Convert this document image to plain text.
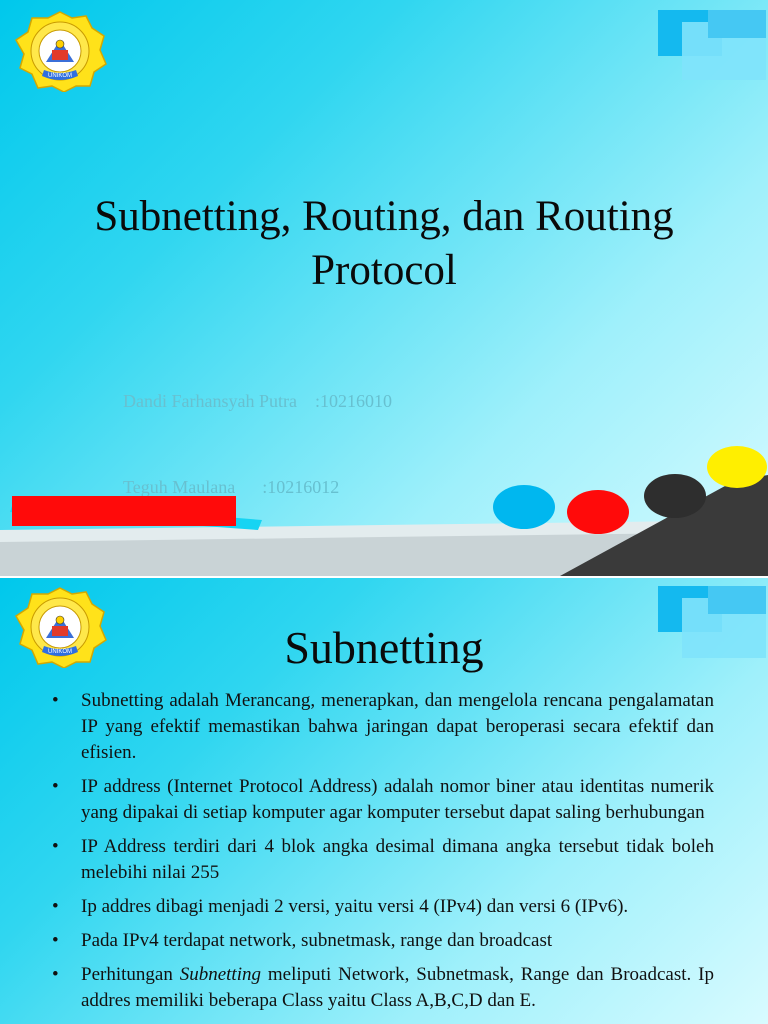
UNIKOM
Subnetting, Routing, dan Routing
Protocol

Dandi Farhansyah Putra    :10216010

Teguh Maulana      :10216012

UNIKOM	Subnetting
• Subnetting adalah Merancang, menerapkan, dan mengelola rencana pengalamatan IP yang efektif memastikan bahwa jaringan dapat beroperasi secara efektif dan efisien.
• IP address (Internet Protocol Address) adalah nomor biner atau identitas numerik yang dipakai di setiap komputer agar komputer tersebut dapat saling berhubungan
• IP Address terdiri dari 4 blok angka desimal dimana angka tersebut tidak boleh melebihi nilai 255
• Ip addres dibagi menjadi 2 versi, yaitu versi 4 (IPv4) dan versi 6 (IPv6).
• Pada IPv4 terdapat network, subnetmask, range dan broadcast
• Perhitungan Subnetting meliputi Network, Subnetmask, Range dan Broadcast. Ip addres memiliki beberapa Class yaitu Class A,B,C,D dan E.
